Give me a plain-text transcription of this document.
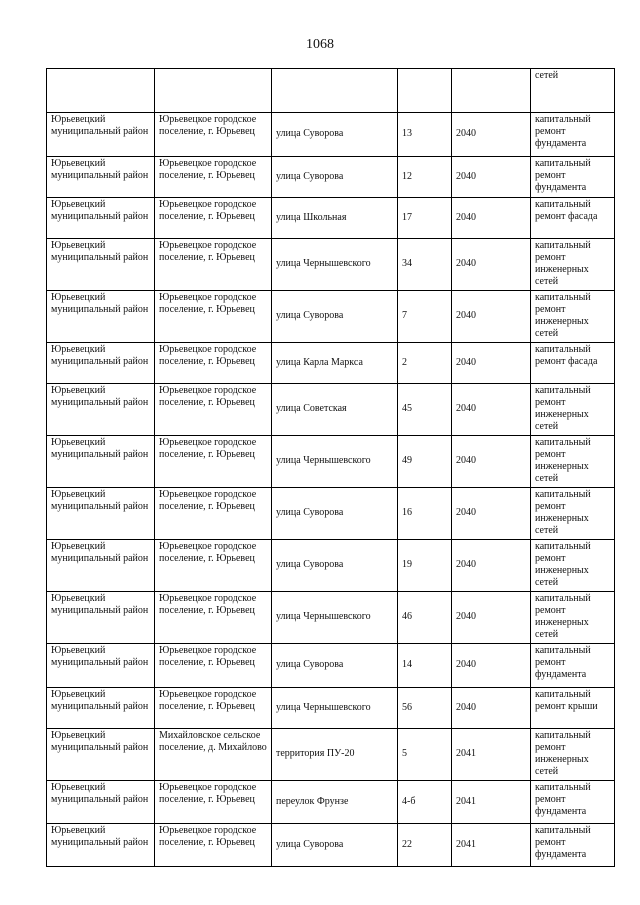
1068
					сетей
Юрьевецкий муниципальный район	Юрьевецкое городское поселение, г. Юрьевец	улица Суворова	13	2040	капитальный ремонт фундамента
Юрьевецкий муниципальный район	Юрьевецкое городское поселение, г. Юрьевец	улица Суворова	12	2040	капитальный ремонт фундамента
Юрьевецкий муниципальный район	Юрьевецкое городское поселение, г. Юрьевец	улица Школьная	17	2040	капитальный ремонт фасада
Юрьевецкий муниципальный район	Юрьевецкое городское поселение, г. Юрьевец	улица Чернышевского	34	2040	капитальный ремонт инженерных сетей
Юрьевецкий муниципальный район	Юрьевецкое городское поселение, г. Юрьевец	улица Суворова	7	2040	капитальный ремонт инженерных сетей
Юрьевецкий муниципальный район	Юрьевецкое городское поселение, г. Юрьевец	улица Карла Маркса	2	2040	капитальный ремонт фасада
Юрьевецкий муниципальный район	Юрьевецкое городское поселение, г. Юрьевец	улица Советская	45	2040	капитальный ремонт инженерных сетей
Юрьевецкий муниципальный район	Юрьевецкое городское поселение, г. Юрьевец	улица Чернышевского	49	2040	капитальный ремонт инженерных сетей
Юрьевецкий муниципальный район	Юрьевецкое городское поселение, г. Юрьевец	улица Суворова	16	2040	капитальный ремонт инженерных сетей
Юрьевецкий муниципальный район	Юрьевецкое городское поселение, г. Юрьевец	улица Суворова	19	2040	капитальный ремонт инженерных сетей
Юрьевецкий муниципальный район	Юрьевецкое городское поселение, г. Юрьевец	улица Чернышевского	46	2040	капитальный ремонт инженерных сетей
Юрьевецкий муниципальный район	Юрьевецкое городское поселение, г. Юрьевец	улица Суворова	14	2040	капитальный ремонт фундамента
Юрьевецкий муниципальный район	Юрьевецкое городское поселение, г. Юрьевец	улица Чернышевского	56	2040	капитальный ремонт крыши
Юрьевецкий муниципальный район	Михайловское сельское поселение, д. Михайлово	территория ПУ-20	5	2041	капитальный ремонт инженерных сетей
Юрьевецкий муниципальный район	Юрьевецкое городское поселение, г. Юрьевец	переулок Фрунзе	4-б	2041	капитальный ремонт фундамента
Юрьевецкий муниципальный район	Юрьевецкое городское поселение, г. Юрьевец	улица Суворова	22	2041	капитальный ремонт фундамента
